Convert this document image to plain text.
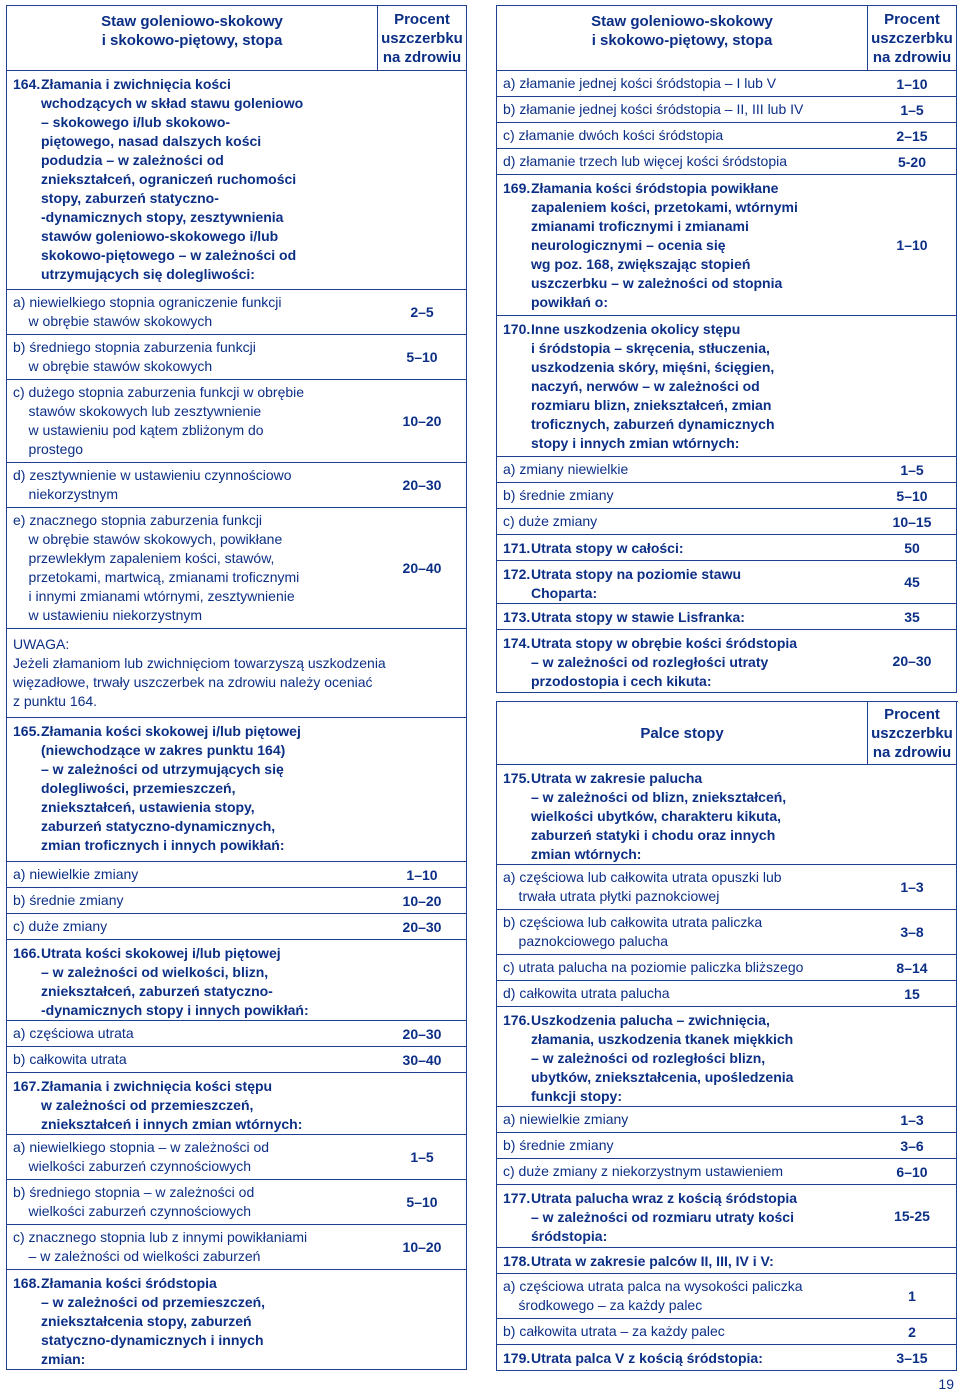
Staw goleniowo-skokowy
i skokowo-piętowy, stopa
Procent
uszczerbku
na zdrowiu
164. Złamania i zwichnięcia kości
wchodzących w skład stawu goleniowo
– skokowego i/lub skokowo-
piętowego, nasad dalszych kości
podudzia – w zależności od
zniekształceń, ograniczeń ruchomości
stopy, zaburzeń statyczno-
-dynamicznych stopy, zesztywnienia
stawów goleniowo-skokowego i/lub
skokowo-piętowego – w zależności od
utrzymujących się dolegliwości:
a) niewielkiego stopnia ograniczenie funkcji
w obrębie stawów skokowych
2–5
b) średniego stopnia zaburzenia funkcji
w obrębie stawów skokowych
5–10
c) dużego stopnia zaburzenia funkcji w obrębie
stawów skokowych lub zesztywnienie
w ustawieniu pod kątem zbliżonym do
prostego
10–20
d) zesztywnienie w ustawieniu czynnościowo
niekorzystnym
20–30
e) znacznego stopnia zaburzenia funkcji
w obrębie stawów skokowych, powikłane
przewlekłym zapaleniem kości, stawów,
przetokami, martwicą, zmianami troficznymi
i innymi zmianami wtórnymi, zesztywnienie
w ustawieniu niekorzystnym
20–40
UWAGA:
Jeżeli złamaniom lub zwichnięciom towarzyszą uszkodzenia
więzadłowe, trwały uszczerbek na zdrowiu należy oceniać
z punktu 164.
165. Złamania kości skokowej i/lub piętowej
(niewchodzące w zakres punktu 164)
– w zależności od utrzymujących się
dolegliwości, przemieszczeń,
zniekształceń, ustawienia stopy,
zaburzeń statyczno-dynamicznych,
zmian troficznych i innych powikłań:
a) niewielkie zmiany	1–10
b) średnie zmiany	10–20
c) duże zmiany	20–30
166. Utrata kości skokowej i/lub piętowej
– w zależności od wielkości, blizn,
zniekształceń, zaburzeń statyczno-
-dynamicznych stopy i innych powikłań:
a) częściowa utrata	20–30
b) całkowita utrata	30–40
167. Złamania i zwichnięcia kości stępu
w zależności od przemieszczeń,
zniekształceń i innych zmian wtórnych:
a) niewielkiego stopnia – w zależności od
wielkości zaburzeń czynnościowych
1–5
b) średniego stopnia – w zależności od
wielkości zaburzeń czynnościowych
5–10
c) znacznego stopnia lub z innymi powikłaniami
– w zależności od wielkości zaburzeń
10–20
168. Złamania kości śródstopia
– w zależności od przemieszczeń,
zniekształcenia stopy, zaburzeń
statyczno-dynamicznych i innych
zmian:
Staw goleniowo-skokowy
i skokowo-piętowy, stopa
Procent
uszczerbku
na zdrowiu
a) złamanie jednej kości śródstopia – I lub V	1–10
b) złamanie jednej kości śródstopia – II, III lub IV	1–5
c) złamanie dwóch kości śródstopia	2–15
d) złamanie trzech lub więcej kości śródstopia	5-20
169. Złamania kości śródstopia powikłane
zapaleniem kości, przetokami, wtórnymi
zmianami troficznymi i zmianami
neurologicznymi – ocenia się
wg poz. 168, zwiększając stopień
uszczerbku – w zależności od stopnia
powikłań o:
1–10
170. Inne uszkodzenia okolicy stępu
i śródstopia – skręcenia, stłuczenia,
uszkodzenia skóry, mięśni, ścięgien,
naczyń, nerwów – w zależności od
rozmiaru blizn, zniekształceń, zmian
troficznych, zaburzeń dynamicznych
stopy i innych zmian wtórnych:
a) zmiany niewielkie	1–5
b) średnie zmiany	5–10
c) duże zmiany	10–15
171. Utrata stopy w całości:	50
172. Utrata stopy na poziomie stawu
Choparta:
45
173. Utrata stopy w stawie Lisfranka:	35
174. Utrata stopy w obrębie kości śródstopia
– w zależności od rozległości utraty
przodostopia i cech kikuta:
20–30
Palce stopy
Procent
uszczerbku
na zdrowiu
175. Utrata w zakresie palucha
– w zależności od blizn, zniekształceń,
wielkości ubytków, charakteru kikuta,
zaburzeń statyki i chodu oraz innych
zmian wtórnych:
a) częściowa lub całkowita utrata opuszki lub
trwała utrata płytki paznokciowej
1–3
b) częściowa lub całkowita utrata paliczka
paznokciowego palucha
3–8
c) utrata palucha na poziomie paliczka bliższego	8–14
d) całkowita utrata palucha	15
176. Uszkodzenia palucha – zwichnięcia,
złamania, uszkodzenia tkanek miękkich
– w zależności od rozległości blizn,
ubytków, zniekształcenia, upośledzenia
funkcji stopy:
a) niewielkie zmiany	1–3
b) średnie zmiany	3–6
c) duże zmiany z niekorzystnym ustawieniem	6–10
177. Utrata palucha wraz z kością śródstopia
– w zależności od rozmiaru utraty kości
śródstopia:
15-25
178. Utrata w zakresie palców II, III, IV i V:
a) częściowa utrata palca na wysokości paliczka
środkowego – za każdy palec
1
b) całkowita utrata – za każdy palec	2
179. Utrata palca V z kością śródstopia:	3–15
19
